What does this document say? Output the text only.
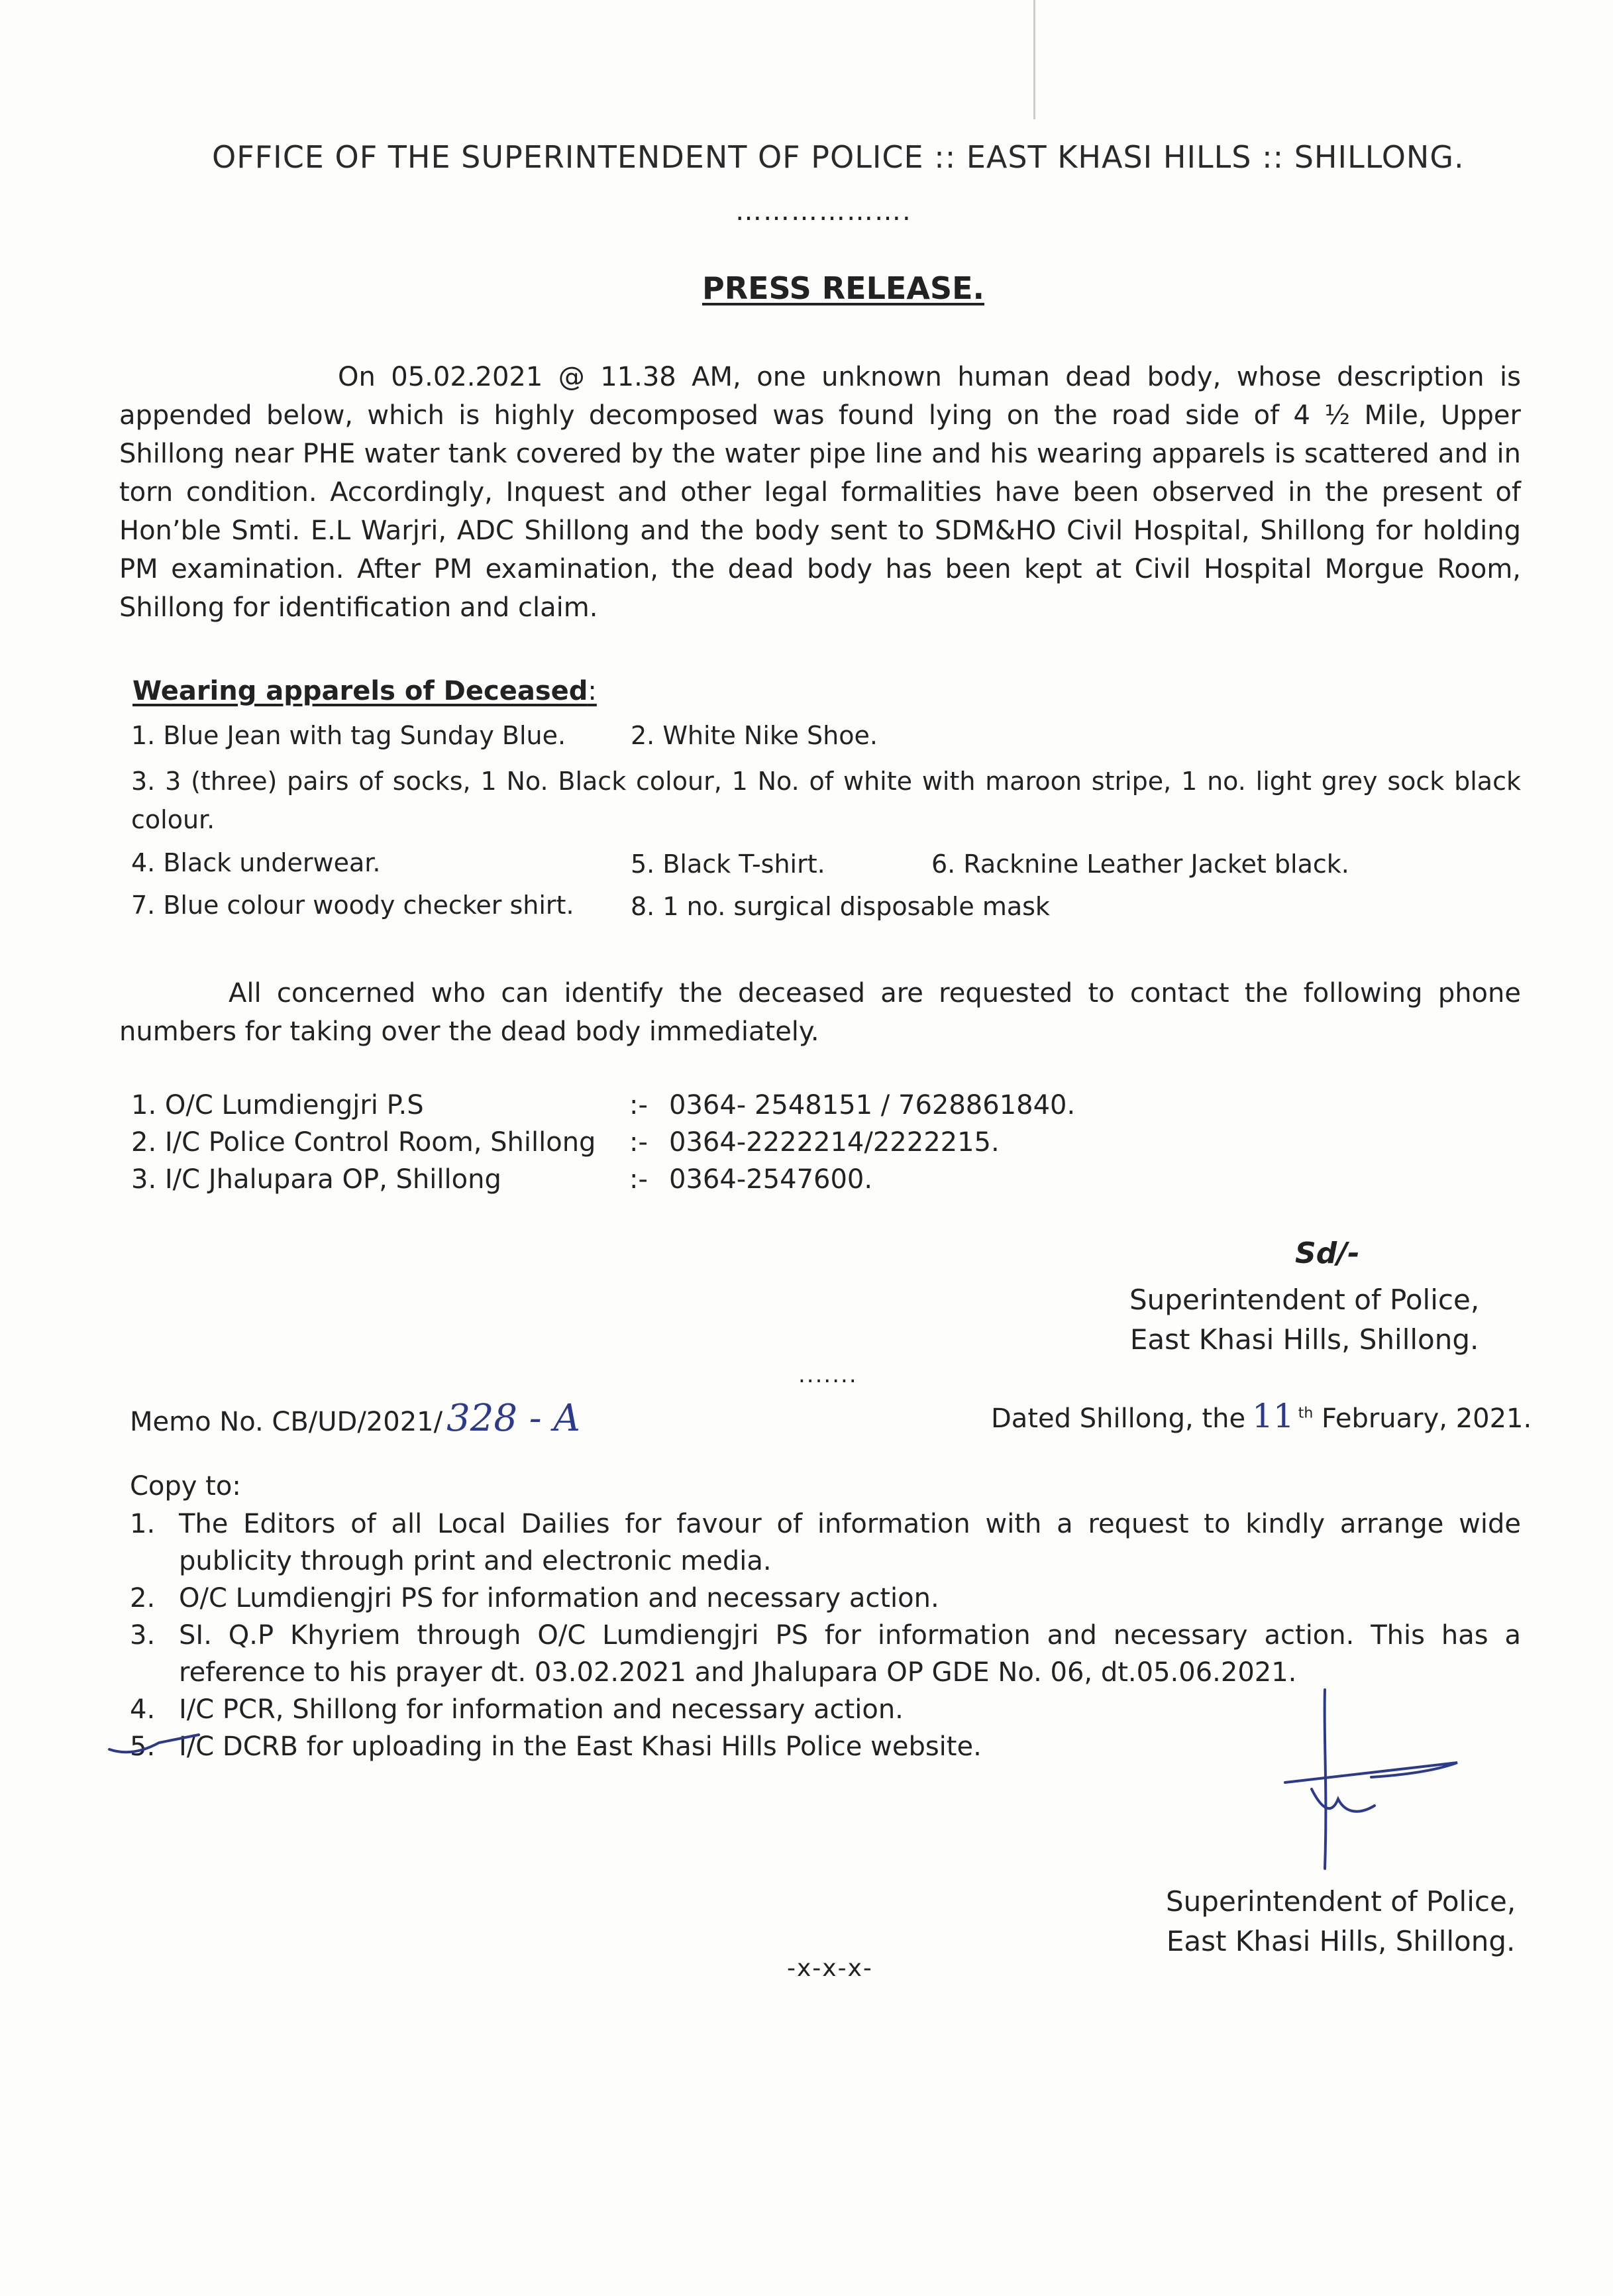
OFFICE OF THE SUPERINTENDENT OF POLICE :: EAST KHASI HILLS :: SHILLONG.
……………….
PRESS RELEASE.
On 05.02.2021 @ 11.38 AM, one unknown human dead body, whose description is appended below, which is highly decomposed was found lying on the road side of 4 ½ Mile, Upper Shillong near PHE water tank covered by the water pipe line and his wearing apparels is scattered and in torn condition. Accordingly, Inquest and other legal formalities have been observed in the present of Hon’ble Smti. E.L Warjri, ADC Shillong and the body sent to SDM&HO Civil Hospital, Shillong for holding PM examination. After PM examination, the dead body has been kept at Civil Hospital Morgue Room, Shillong for identification and claim.
Wearing apparels of Deceased:
1. Blue Jean with tag Sunday Blue.	2. White Nike Shoe.
3. 3 (three) pairs of socks, 1 No. Black colour, 1 No. of white with maroon stripe, 1 no. light grey sock black colour.
4. Black underwear.	5. Black T-shirt.	6. Racknine Leather Jacket black.
7. Blue colour woody checker shirt. 8. 1 no. surgical disposable mask
All concerned who can identify the deceased are requested to contact the following phone numbers for taking over the dead body immediately.
1. O/C Lumdiengjri P.S	:- 0364- 2548151 / 7628861840.
2. I/C Police Control Room, Shillong :- 0364-2222214/2222215.
3. I/C Jhalupara OP, Shillong	:- 0364-2547600.
Sd/-
Superintendent of Police,
East Khasi Hills, Shillong.
.......
Memo No. CB/UD/2021/ 328 - A	Dated Shillong, the 11 $^{th}$ February, 2021.
Copy to:
1. The Editors of all Local Dailies for favour of information with a request to kindly arrange wide publicity through print and electronic media.
2. O/C Lumdiengjri PS for information and necessary action.
3. SI. Q.P Khyriem through O/C Lumdiengjri PS for information and necessary action. This has a reference to his prayer dt. 03.02.2021 and Jhalupara OP GDE No. 06, dt.05.06.2021.
4. I/C PCR, Shillong for information and necessary action.
5. I/C DCRB for uploading in the East Khasi Hills Police website.
Superintendent of Police,
East Khasi Hills, Shillong.
-x-x-x-
